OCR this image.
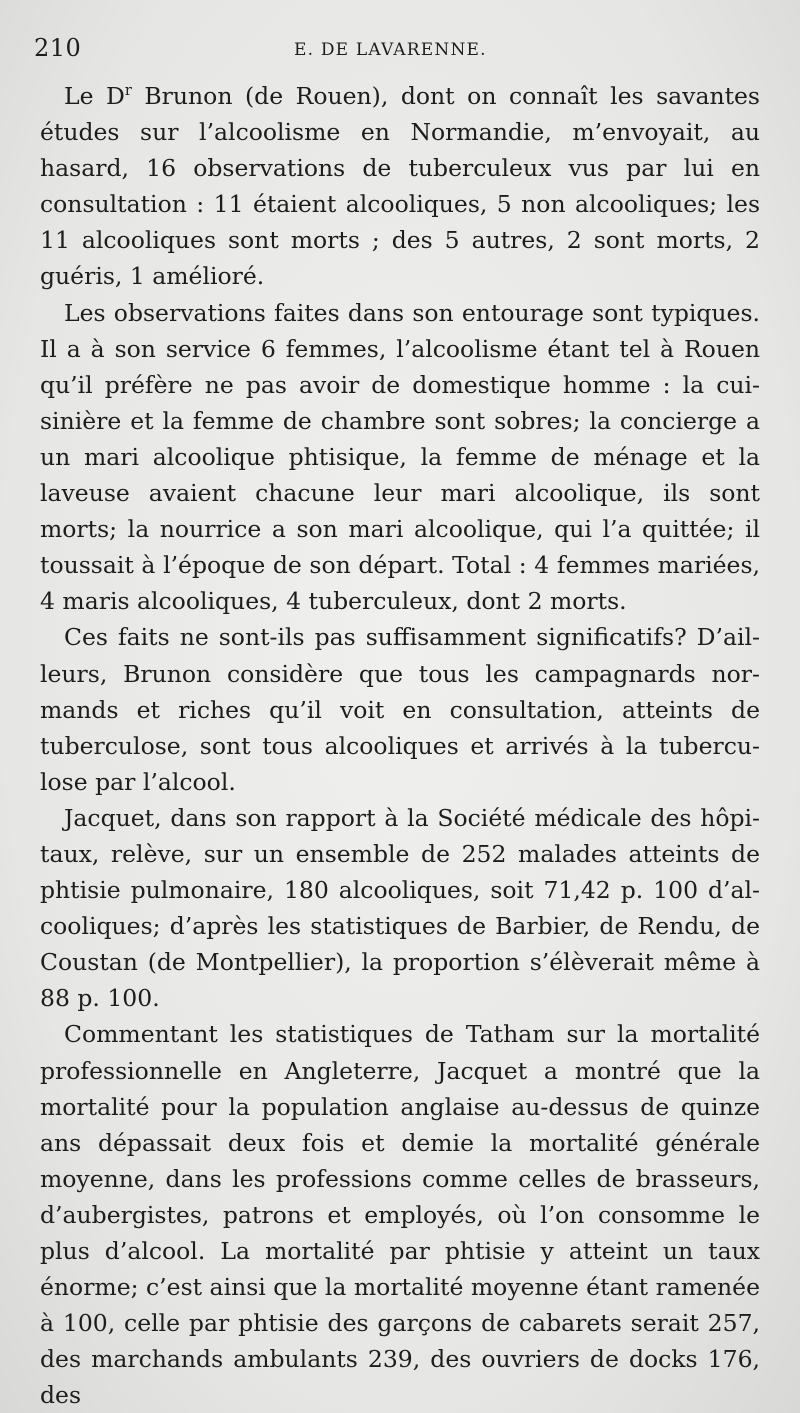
210	E. DE LAVARENNE.

Le $D^r$ Brunon (de Rouen), dont on connaît les savantes études sur l’alcoolisme en Normandie, m’envoyait, au hasard, 16 observations de tuberculeux vus par lui en consultation : 11 étaient alcooliques, 5 non alcooliques; les 11 alcooliques sont morts ; des 5 autres, 2 sont morts, 2 guéris, 1 amélioré.

Les observations faites dans son entourage sont typiques. Il a à son service 6 femmes, l’alcoolisme étant tel à Rouen qu’il préfère ne pas avoir de domestique homme : la cuisinière et la femme de chambre sont sobres; la concierge a un mari alcoolique phtisique, la femme de ménage et la laveuse avaient chacune leur mari alcoolique, ils sont morts; la nourrice a son mari alcoolique, qui l’a quittée; il toussait à l’époque de son départ. Total : 4 femmes mariées, 4 maris alcooliques, 4 tuberculeux, dont 2 morts.

Ces faits ne sont-ils pas suffisamment significatifs? D’ailleurs, Brunon considère que tous les campagnards normands et riches qu’il voit en consultation, atteints de tuberculose, sont tous alcooliques et arrivés à la tuberculose par l’alcool.

Jacquet, dans son rapport à la Société médicale des hôpitaux, relève, sur un ensemble de 252 malades atteints de phtisie pulmonaire, 180 alcooliques, soit 71,42 p. 100 d’alcooliques; d’après les statistiques de Barbier, de Rendu, de Coustan (de Montpellier), la proportion s’élèverait même à 88 p. 100.

Commentant les statistiques de Tatham sur la mortalité professionnelle en Angleterre, Jacquet a montré que la mortalité pour la population anglaise au-dessus de quinze ans dépassait deux fois et demie la mortalité générale moyenne, dans les professions comme celles de brasseurs, d’aubergistes, patrons et employés, où l’on consomme le plus d’alcool. La mortalité par phtisie y atteint un taux énorme; c’est ainsi que la mortalité moyenne étant ramenée à 100, celle par phtisie des garçons de cabarets serait 257, des marchands ambulants 239, des ouvriers de docks 176, des
